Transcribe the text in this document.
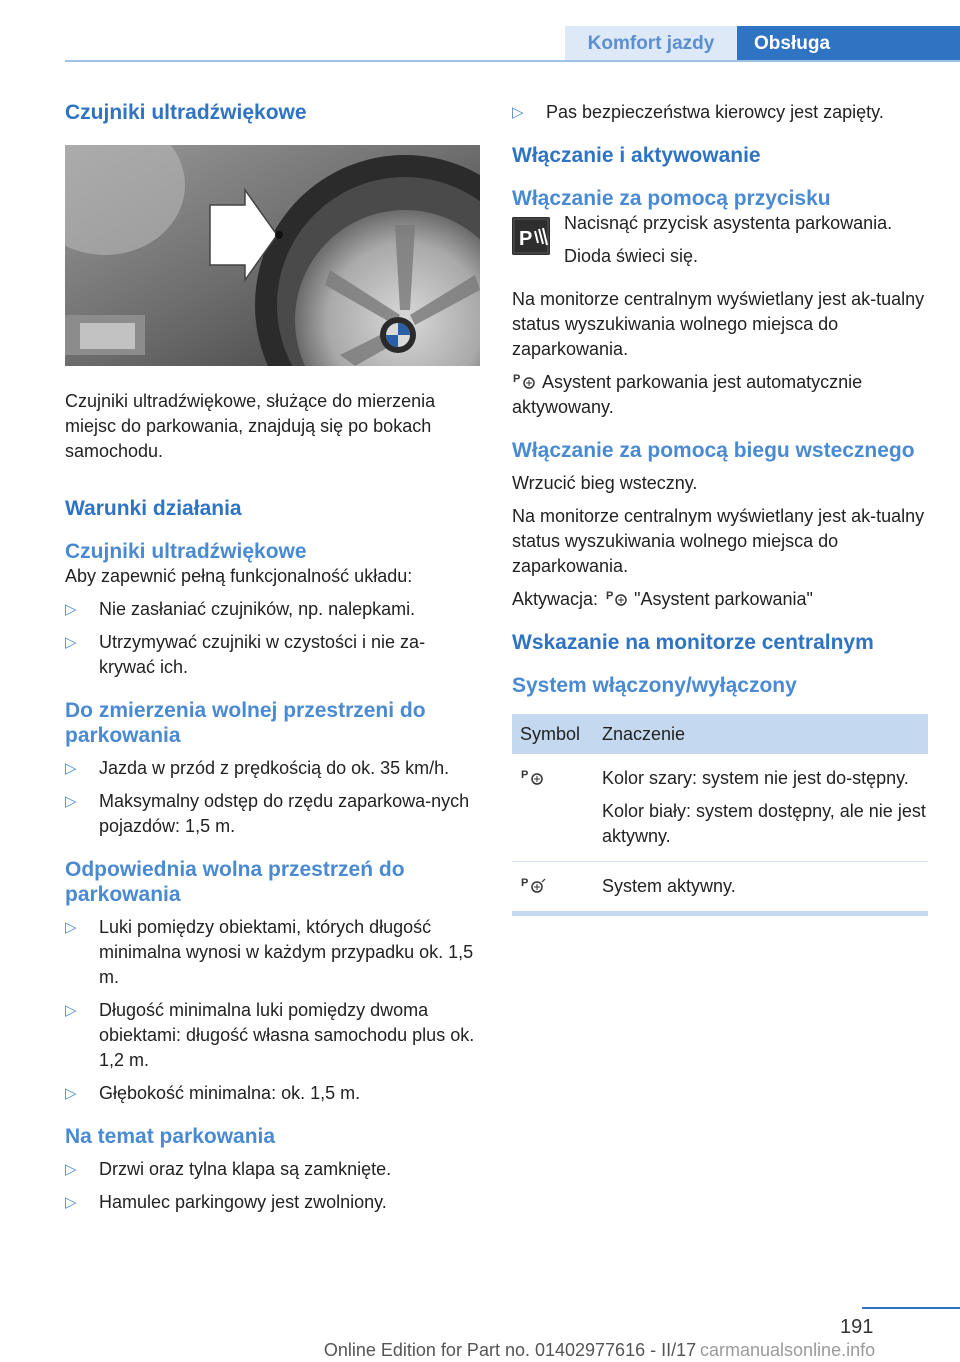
Komfort jazdy	Obsługa
Czujniki ultradźwiękowe

Czujniki ultradźwiękowe, służące do mierzenia miejsc do parkowania, znajdują się po bokach samochodu.

Warunki działania
Czujniki ultradźwiękowe

Aby zapewnić pełną funkcjonalność układu:

▷ Nie zasłaniać czujników, np. nalepkami.
▷ Utrzymywać czujniki w czystości i nie za-krywać ich.
Do zmierzenia wolnej przestrzeni do parkowania
▷ Jazda w przód z prędkością do ok. 35 km/h.
▷ Maksymalny odstęp do rzędu zaparkowa-nych pojazdów: 1,5 m.
Odpowiednia wolna przestrzeń do parkowania
▷ Luki pomiędzy obiektami, których długość minimalna wynosi w każdym przypadku ok. 1,5 m.
▷ Długość minimalna luki pomiędzy dwoma obiektami: długość własna samochodu plus ok. 1,2 m.
▷ Głębokość minimalna: ok. 1,5 m.
Na temat parkowania
▷ Drzwi oraz tylna klapa są zamknięte.
▷ Hamulec parkingowy jest zwolniony.
▷ Pas bezpieczeństwa kierowcy jest zapięty.
Włączanie i aktywowanie
Włączanie za pomocą przycisku
P

Nacisnąć przycisk asystenta parkowania.

Dioda świeci się.

Na monitorze centralnym wyświetlany jest ak-tualny status wyszukiwania wolnego miejsca do zaparkowania.

P Asystent parkowania jest automatycznie aktywowany.

Włączanie za pomocą biegu wstecznego

Wrzucić bieg wsteczny.

Na monitorze centralnym wyświetlany jest ak-tualny status wyszukiwania wolnego miejsca do zaparkowania.

Aktywacja: P "Asystent parkowania"

Wskazanie na monitorze centralnym
System włączony/wyłączony
Symbol	Znaczenie

P	Kolor szary: system nie jest do-stępny.

Kolor biały: system dostępny, ale nie jest aktywny.

P	System aktywny.
191
Online Edition for Part no. 01402977616 - II/17 carmanualsonline.info
